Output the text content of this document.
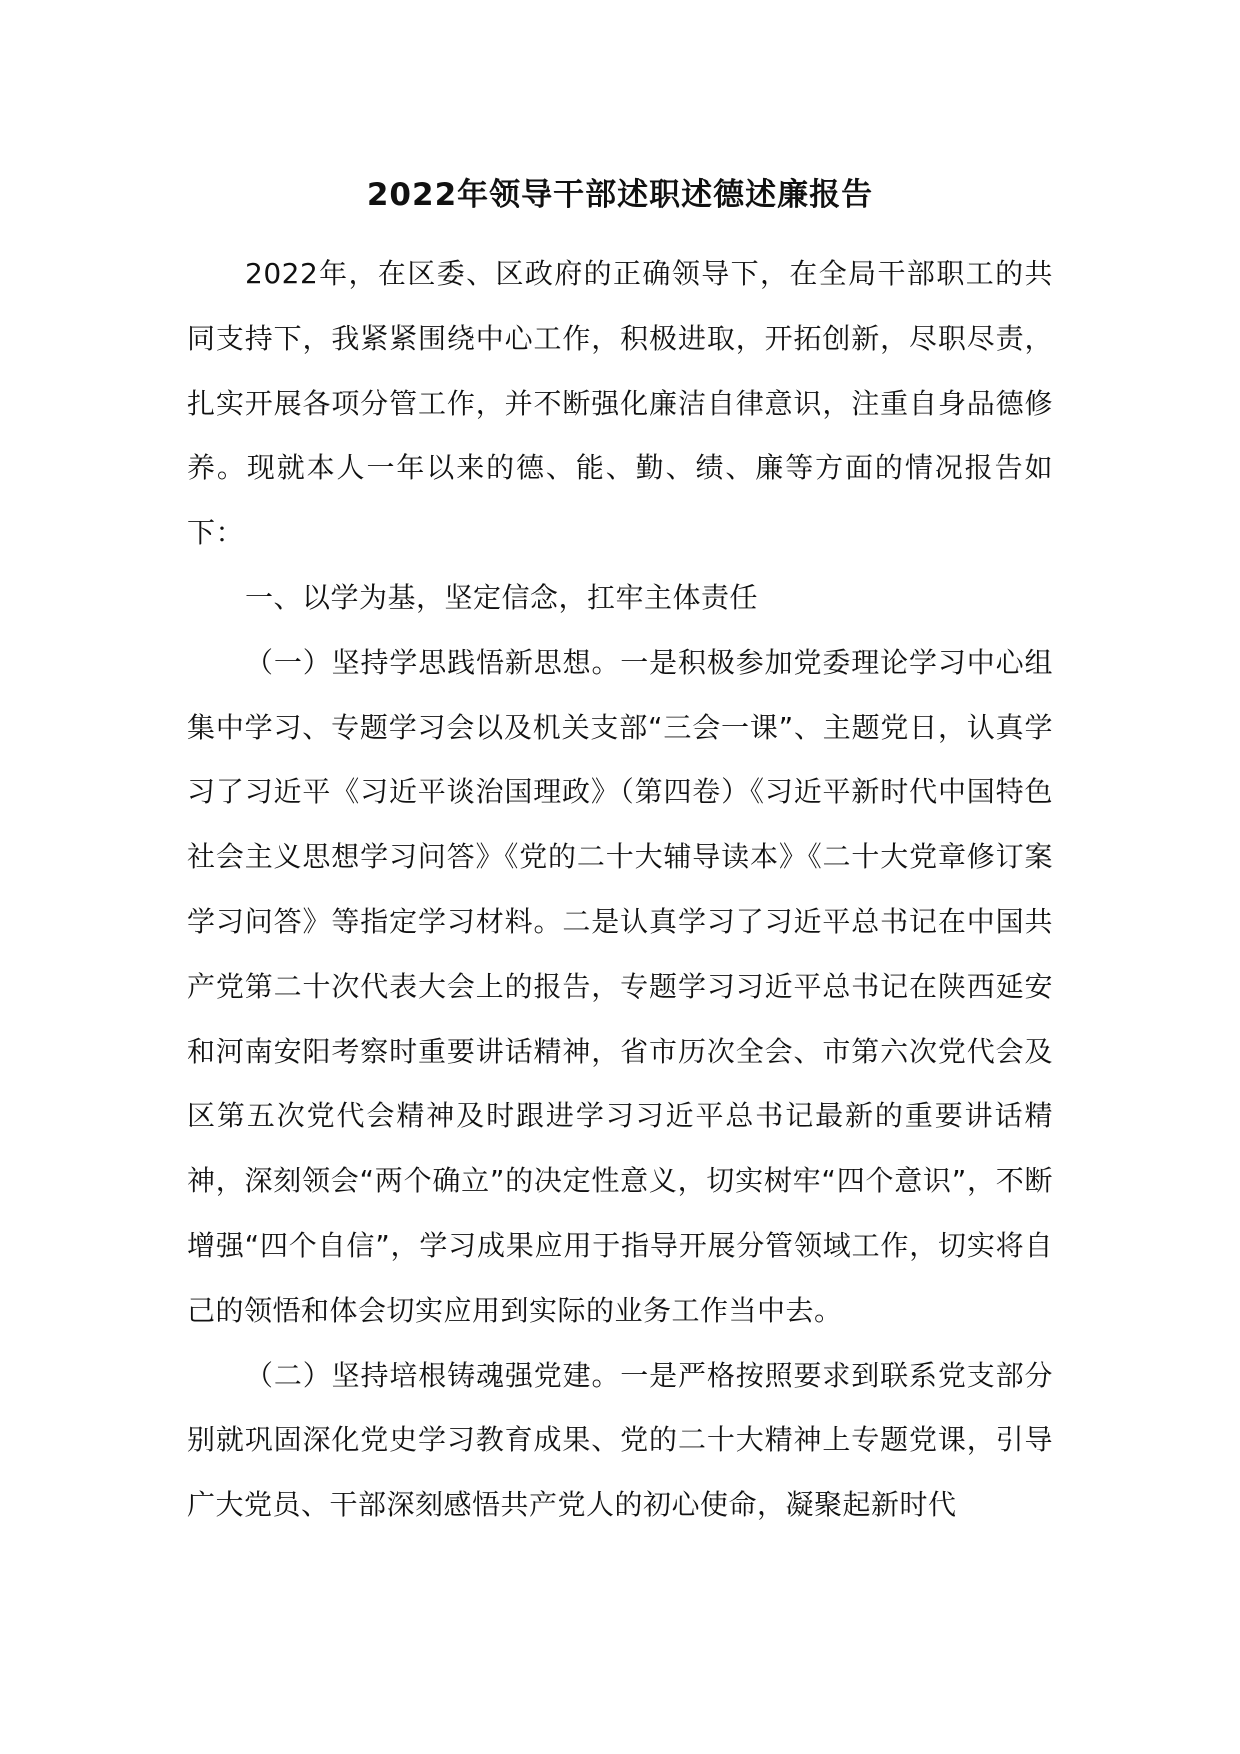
2022年领导干部述职述德述廉报告

2022年，在区委、区政府的正确领导下，在全局干部职工的共同支持下，我紧紧围绕中心工作，积极进取，开拓创新，尽职尽责，扎实开展各项分管工作，并不断强化廉洁自律意识，注重自身品德修养。现就本人一年以来的德、能、勤、绩、廉等方面的情况报告如下：

一、以学为基，坚定信念，扛牢主体责任

（一）坚持学思践悟新思想。一是积极参加党委理论学习中心组集中学习、专题学习会以及机关支部“三会一课”、主题党日，认真学习了习近平《习近平谈治国理政》（第四卷）《习近平新时代中国特色社会主义思想学习问答》《党的二十大辅导读本》《二十大党章修订案学习问答》等指定学习材料。二是认真学习了习近平总书记在中国共产党第二十次代表大会上的报告，专题学习习近平总书记在陕西延安和河南安阳考察时重要讲话精神，省市历次全会、市第六次党代会及区第五次党代会精神及时跟进学习习近平总书记最新的重要讲话精神，深刻领会“两个确立”的决定性意义，切实树牢“四个意识”，不断增强“四个自信”，学习成果应用于指导开展分管领域工作，切实将自己的领悟和体会切实应用到实际的业务工作当中去。

（二）坚持培根铸魂强党建。一是严格按照要求到联系党支部分别就巩固深化党史学习教育成果、党的二十大精神上专题党课，引导广大党员、干部深刻感悟共产党人的初心使命，凝聚起新时代
